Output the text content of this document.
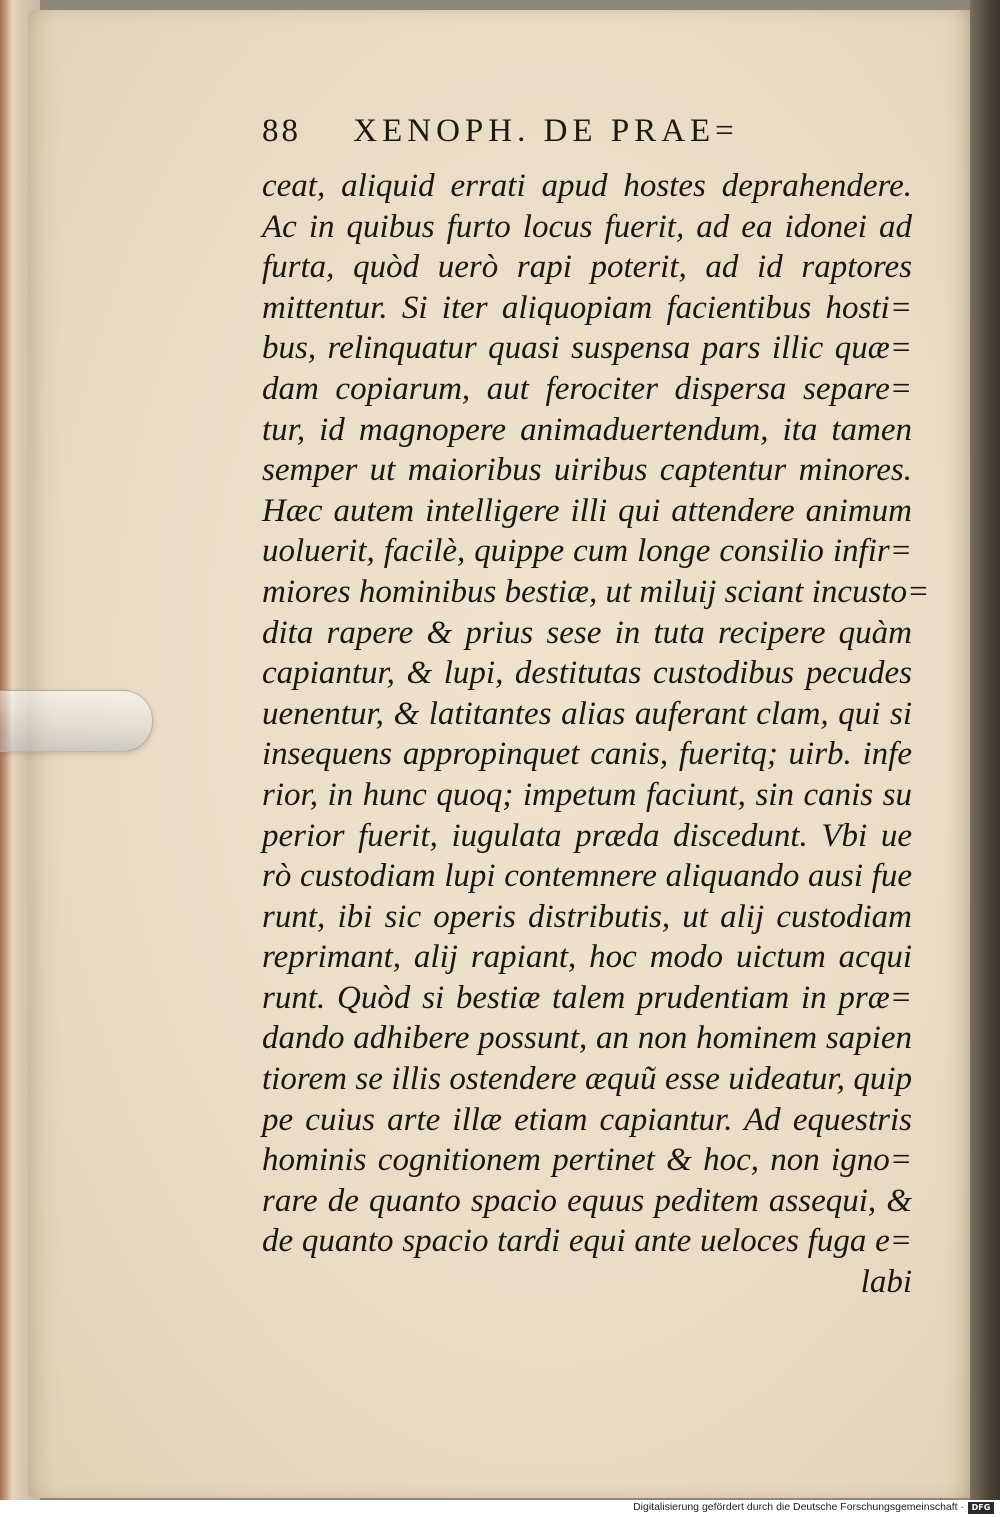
88 XENOPH. DE PRAE=
ceat, aliquid errati apud hostes deprahendere.
Ac in quibus furto locus fuerit, ad ea idonei ad
furta, quòd uerò rapi poterit, ad id raptores
mittentur. Si iter aliquopiam facientibus hosti=
bus, relinquatur quasi suspensa pars illic quæ=
dam copiarum, aut ferociter dispersa separe=
tur, id magnopere animaduertendum, ita tamen
semper ut maioribus uiribus captentur minores.
Hæc autem intelligere illi qui attendere animum
uoluerit, facilè, quippe cum longe consilio infir=
miores hominibus bestiæ, ut miluij sciant incusto=
dita rapere & prius sese in tuta recipere quàm
capiantur, & lupi, destitutas custodibus pecudes
uenentur, & latitantes alias auferant clam, qui si
insequens appropinquet canis, fueritq; uirb. infe
rior, in hunc quoq; impetum faciunt, sin canis su
perior fuerit, iugulata præda discedunt. Vbi ue
rò custodiam lupi contemnere aliquando ausi fue
runt, ibi sic operis distributis, ut alij custodiam
reprimant, alij rapiant, hoc modo uictum acqui
runt. Quòd si bestiæ talem prudentiam in præ=
dando adhibere possunt, an non hominem sapien
tiorem se illis ostendere æquũ esse uideatur, quip
pe cuius arte illæ etiam capiantur. Ad equestris
hominis cognitionem pertinet & hoc, non igno=
rare de quanto spacio equus peditem assequi, &
de quanto spacio tardi equi ante ueloces fuga e=
labi
Digitalisierung gefördert durch die Deutsche Forschungsgemeinschaft · DFG
